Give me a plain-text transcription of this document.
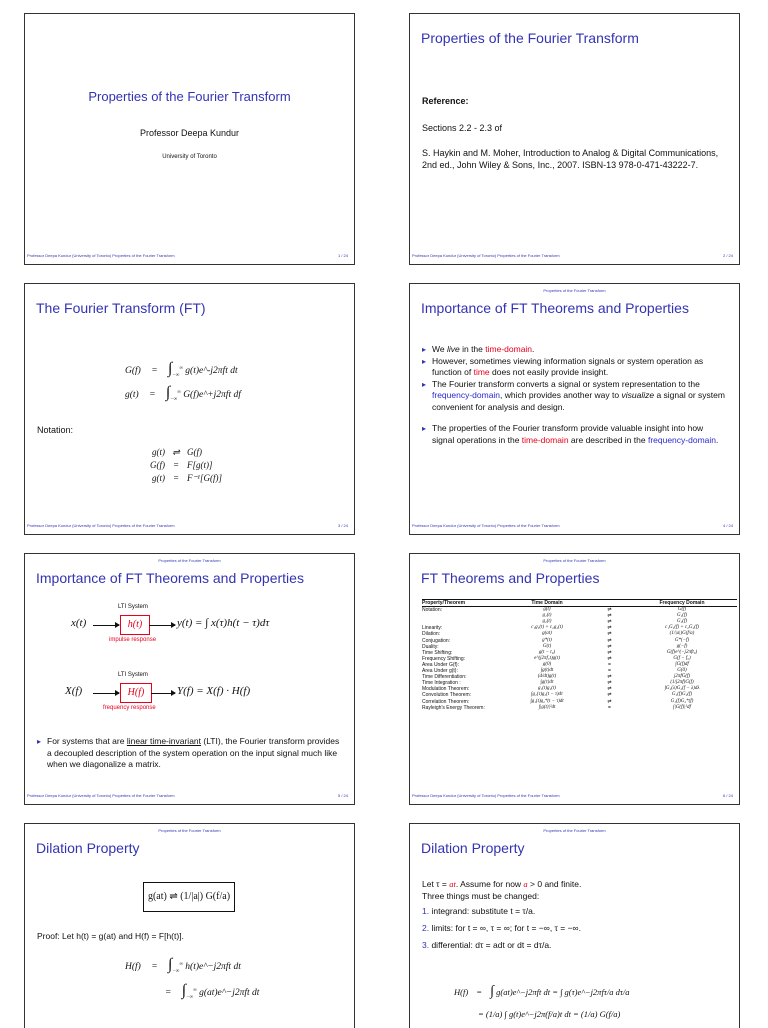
Properties of the Fourier Transform
Professor Deepa Kundur
University of Toronto
Professor Deepa Kundur (University of Toronto) Properties of the Fourier Transform	1 / 24
Properties of the Fourier Transform
Reference:
Sections 2.2 - 2.3 of
S. Haykin and M. Moher, Introduction to Analog & Digital Communications, 2nd ed., John Wiley & Sons, Inc., 2007. ISBN-13 978-0-471-43222-7.
Professor Deepa Kundur (University of Toronto) Properties of the Fourier Transform	2 / 24
The Fourier Transform (FT)
$G(f) = \int_{-\infty}^\infty$ g(t)e^-j2πft dt
$g(t) = \int_{-\infty}^\infty$ G(f)e^+j2πft df
Notation:
g(t) ⇌ G(f)
G(f) = F[g(t)]
g(t) = F⁻¹[G(f)]
Professor Deepa Kundur (University of Toronto) Properties of the Fourier Transform	3 / 24
Properties of the Fourier Transform
Importance of FT Theorems and Properties
▸ We live in the time-domain.
▸ However, sometimes viewing information signals or system operation as function of time does not easily provide insight.
▸ The Fourier transform converts a signal or system representation to the frequency-domain, which provides another way to visualize a signal or system convenient for analysis and design.
▸ The properties of the Fourier transform provide valuable insight into how signal operations in the time-domain are described in the frequency-domain.
Professor Deepa Kundur (University of Toronto) Properties of the Fourier Transform	4 / 24
Properties of the Fourier Transform
Importance of FT Theorems and Properties
LTI System
x(t)	h(t)	y(t) = ∫ x(τ)h(t − τ)dτ
impulse response
LTI System
X(f)	H(f)	Y(f) = X(f) · H(f)
frequency response
▸ For systems that are linear time-invariant (LTI), the Fourier transform provides a decoupled description of the system operation on the input signal much like when we diagonalize a matrix.
Professor Deepa Kundur (University of Toronto) Properties of the Fourier Transform	5 / 24
Properties of the Fourier Transform
FT Theorems and Properties
Property/Theorem	Time Domain		Frequency Domain
Notation:	g(t)	⇌	G(f)
	g₁(t)	⇌	G₁(f)
	g₂(t)	⇌	G₂(f)
Linearity:	c₁g₁(t) + c₂g₂(t)	⇌	c₁G₁(f) + c₂G₂(f)
Dilation:	g(at)	⇌	(1/|a|)G(f/a)
Conjugation:	g*(t)	⇌	G*(−f)
Duality:	G(t)	⇌	g(−f)
Time Shifting:	g(t − t₀)	⇌	G(f)e^(−j2πft₀)
Frequency Shifting:	e^(j2πf꜀t)g(t)	⇌	G(f − f꜀)
Area Under G(f):	g(0)	=	∫G(f)df
Area Under g(t):	∫g(t)dt	=	G(0)
Time Differentiation:	(d/dt)g(t)	⇌	j2πfG(f)
Time Integration :	∫g(τ)dτ	⇌	(1/j2πf)G(f)
Modulation Theorem:	g₁(t)g₂(t)	⇌	∫G₁(λ)G₂(f − λ)dλ
Convolution Theorem:	∫g₁(τ)g₂(t − τ)dτ	⇌	G₁(f)G₂(f)
Correlation Theorem:	∫g₁(t)g₂*(t − τ)dt	⇌	G₁(f)G₂*(f)
Rayleigh's Energy Theorem:	∫|g(t)|²dt	=	∫|G(f)|²df
Professor Deepa Kundur (University of Toronto) Properties of the Fourier Transform	6 / 24
Properties of the Fourier Transform
Dilation Property
g(at) ⇌ (1/|a|) G(f/a)
Proof: Let h(t) = g(at) and H(f) = F[h(t)].
$H(f) = \int_{-\infty}^\infty$ h(t)e^−j2πft dt
= $\int_{-\infty}^\infty$ g(at)e^−j2πft dt
Properties of the Fourier Transform
Dilation Property
Let τ = at. Assume for now a > 0 and finite.
Three things must be changed:
1. integrand: substitute t = τ/a.
2. limits: for t = ∞, τ = ∞; for t = −∞, τ = −∞.
3. differential: dτ = adt or dt = dτ/a.
H(f) = ∫ g(at)e^−j2πft dt = ∫ g(τ)e^−j2πfτ/a dτ/a
= (1/a) ∫ g(t)e^−j2π(f/a)t dt = (1/a) G(f/a)
